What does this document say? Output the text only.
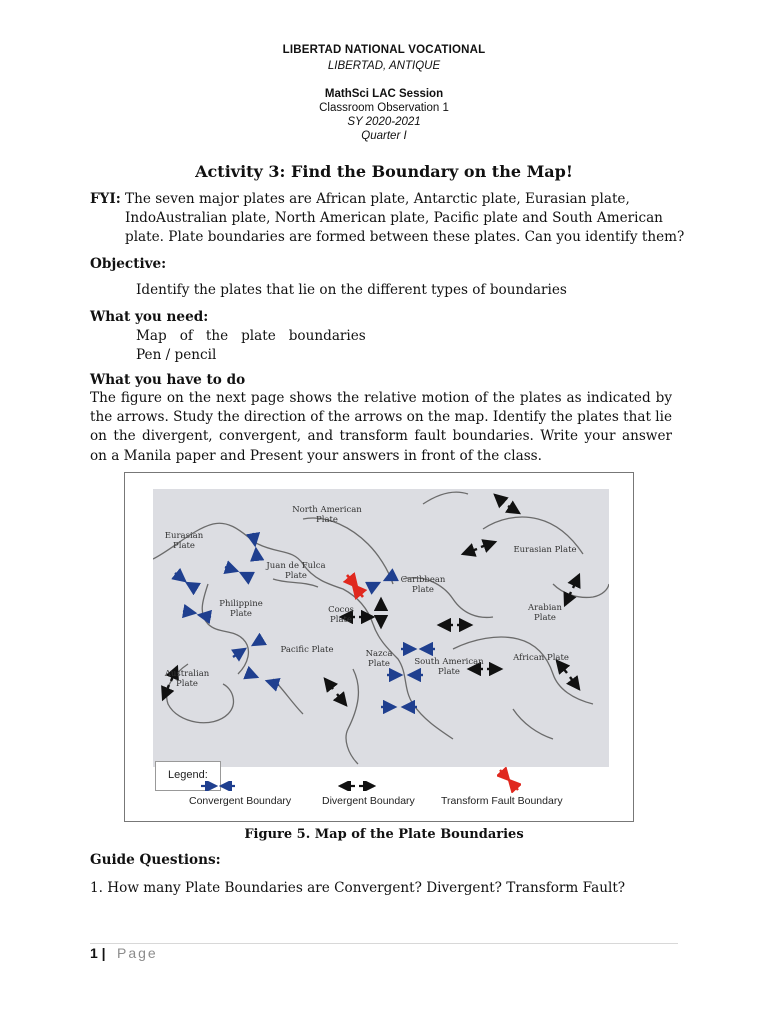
LIBERTAD NATIONAL VOCATIONAL
LIBERTAD, ANTIQUE
MathSci LAC Session
Classroom Observation 1
SY 2020-2021
Quarter I
Activity 3: Find the Boundary on the Map!
FYI: The seven major plates are African plate, Antarctic plate, Eurasian plate,
IndoAustralian plate, North American plate, Pacific plate and South American
plate. Plate boundaries are formed between these plates. Can you identify them?
Objective:
Identify the plates that lie on the different types of boundaries
What you need:
Map   of   the   plate   boundaries
Pen / pencil
What you have to do
The figure on the next page shows the relative motion of the plates as indicated by the arrows. Study the direction of the arrows on the map. Identify the plates that lie on the divergent, convergent, and transform fault boundaries. Write your answer on a Manila paper and Present your answers in front of the class.
North American Plate
Eurasian Plate
Juan de Fulca Plate
Eurasian Plate
Caribbean Plate
Philippine Plate	Cocos Plate
Arabian Plate
Pacific Plate	Nazca Plate	South American Plate
African Plate
Australian Plate
Legend:
Convergent Boundary	Divergent Boundary Transform Fault Boundary
Figure 5. Map of the Plate Boundaries
Guide Questions:
1. How many Plate Boundaries are Convergent? Divergent? Transform Fault?
1 | Page
